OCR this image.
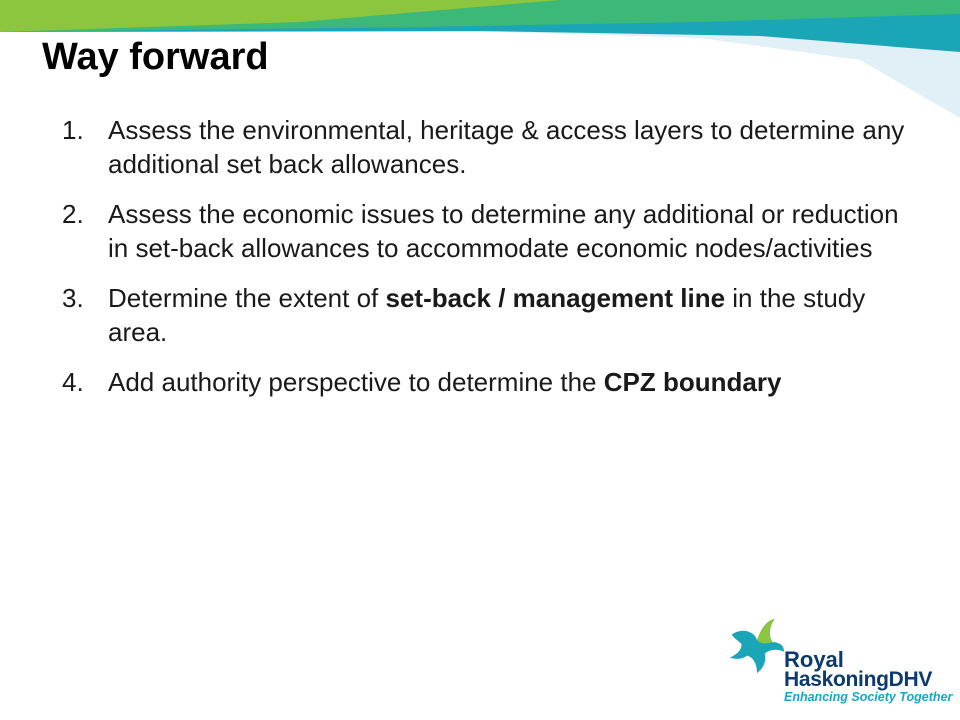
Way forward
1. Assess the environmental, heritage & access layers to determine any additional set back allowances.
2. Assess the economic issues to determine any additional or reduction in set-back allowances to accommodate economic nodes/activities
3. Determine the extent of set-back / management line in the study area.
4. Add authority perspective to determine the CPZ boundary
Royal
HaskoningDHV
Enhancing Society Together
